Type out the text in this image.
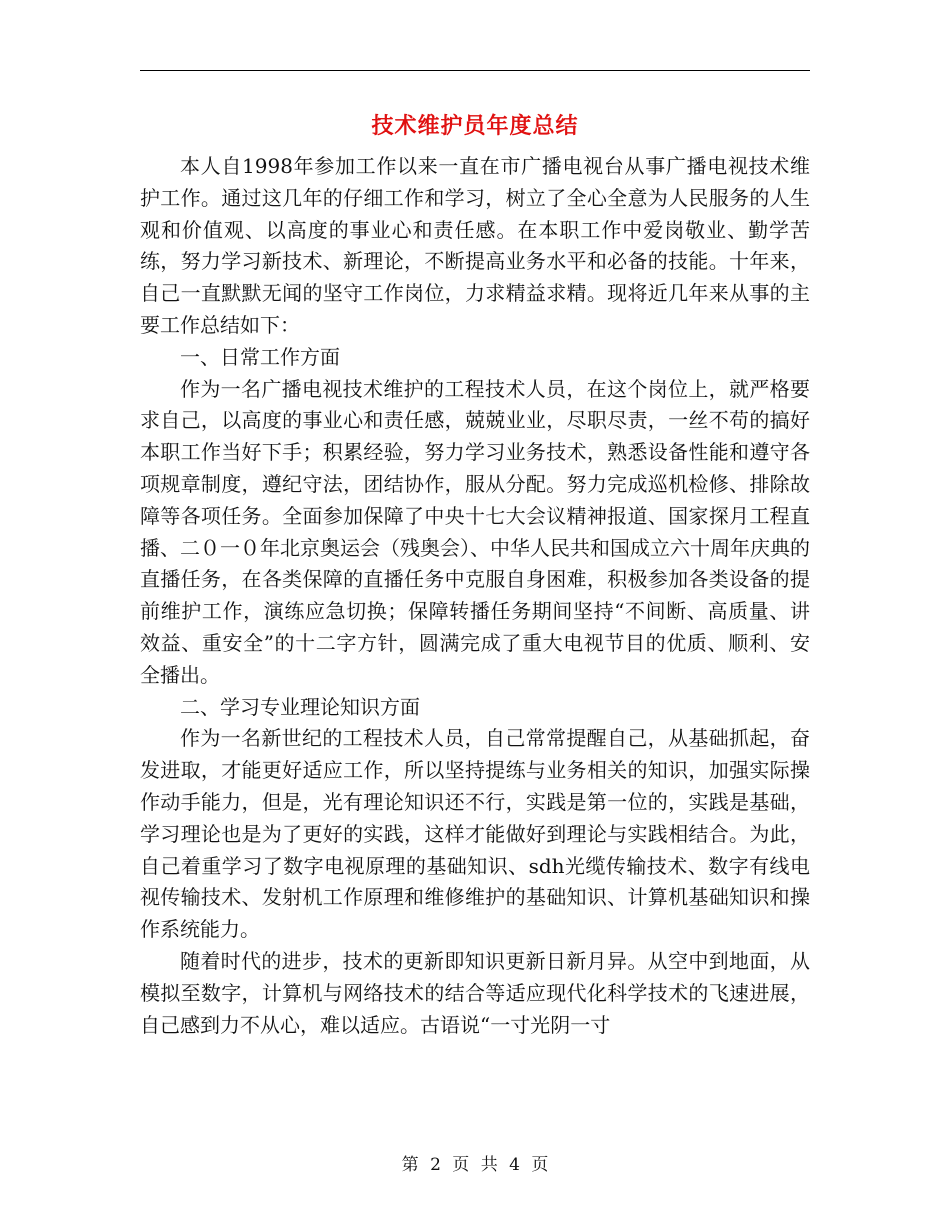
技术维护员年度总结

本人自1998年参加工作以来一直在市广播电视台从事广播电视技术维护工作。通过这几年的仔细工作和学习，树立了全心全意为人民服务的人生观和价值观、以高度的事业心和责任感。在本职工作中爱岗敬业、勤学苦练，努力学习新技术、新理论，不断提高业务水平和必备的技能。十年来，自己一直默默无闻的坚守工作岗位，力求精益求精。现将近几年来从事的主要工作总结如下：

一、日常工作方面

作为一名广播电视技术维护的工程技术人员，在这个岗位上，就严格要求自己，以高度的事业心和责任感，兢兢业业，尽职尽责，一丝不苟的搞好本职工作当好下手；积累经验，努力学习业务技术，熟悉设备性能和遵守各项规章制度，遵纪守法，团结协作，服从分配。努力完成巡机检修、排除故障等各项任务。全面参加保障了中央十七大会议精神报道、国家探月工程直播、二０一０年北京奥运会（残奥会）、中华人民共和国成立六十周年庆典的直播任务，在各类保障的直播任务中克服自身困难，积极参加各类设备的提前维护工作，演练应急切换；保障转播任务期间坚持“不间断、高质量、讲效益、重安全”的十二字方针，圆满完成了重大电视节目的优质、顺利、安全播出。

二、学习专业理论知识方面

作为一名新世纪的工程技术人员，自己常常提醒自己，从基础抓起，奋发进取，才能更好适应工作，所以坚持提练与业务相关的知识，加强实际操作动手能力，但是，光有理论知识还不行，实践是第一位的，实践是基础，学习理论也是为了更好的实践，这样才能做好到理论与实践相结合。为此，自己着重学习了数字电视原理的基础知识、sdh光缆传输技术、数字有线电视传输技术、发射机工作原理和维修维护的基础知识、计算机基础知识和操作系统能力。

随着时代的进步，技术的更新即知识更新日新月异。从空中到地面，从模拟至数字，计算机与网络技术的结合等适应现代化科学技术的飞速进展，自己感到力不从心，难以适应。古语说“一寸光阴一寸

第 2 页 共 4 页
